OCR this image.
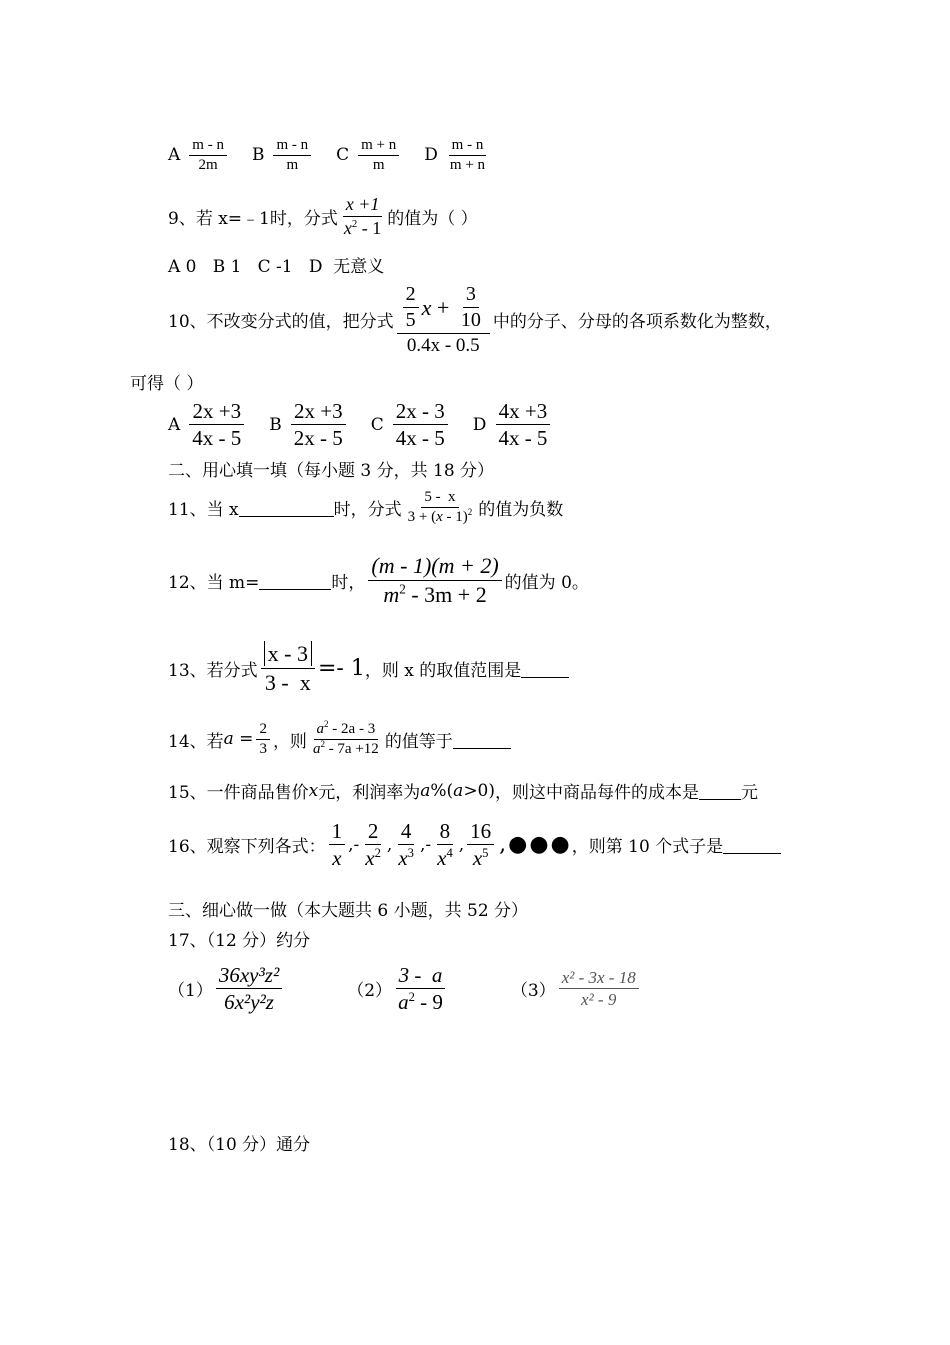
A $\frac{m - n}{2m}$ B $\frac{m - n}{m}$ C $\frac{m + n}{m}$ D $\frac{m - n}{m + n}$
9、若 x=﹣1时，分式 $\frac{x +1}{x^2 - 1}$ 的值为（ ）
A 0   B 1   C -1   D  无意义
10、不改变分式的值，把分式 $\frac{\frac{2}{5} x + \frac{3}{10}}{0.4x - 0.5}$ 中的分子、分母的各项系数化为整数，
可得（ ）
A $\frac{2x +3}{4x - 5}$ B $\frac{2x +3}{2x - 5}$ C $\frac{2x - 3}{4x - 5}$ D $\frac{4x +3}{4x - 5}$
二、用心填一填（每小题 3 分，共 18 分）
11、当 x	时，分式 $\frac{5 - x}{3 + (x - 1)^2}$ 的值为负数
12、当 m=	时， $\frac{(m - 1)(m + 2)}{m^2 - 3m + 2}$ 的值为 0。
13、若分式 $\frac{x - 3}{3 - x} =- 1$ ，则 x 的取值范围是
14、若 $a = \frac{2}{3}$ ，则 $\frac{a^2 - 2a - 3}{a^2 - 7a +12}$ 的值等于
15、一件商品售价 x 元，利润率为 a % ( a >0) ，则这中商品每件的成本是 元
16、观察下列各式： $\frac{1}{x}$ ,- $\frac{2}{x^2}$ , $\frac{4}{x^3}$ ,- $\frac{8}{x^4}$ , $\frac{16}{x^5}$ ,●●● ，则第 10 个式子是
三、细心做一做（本大题共 6 小题，共 52 分）
17、（12 分）约分
$(1) \frac{\text{36xy³z²}}{\text{6x²y²z}}$	$(2) \frac{3 - a}{a^2 - 9}$	$(3) \frac{\text{x² - 3x - 18}}{\text{x² - 9}}$
18、（10 分）通分
